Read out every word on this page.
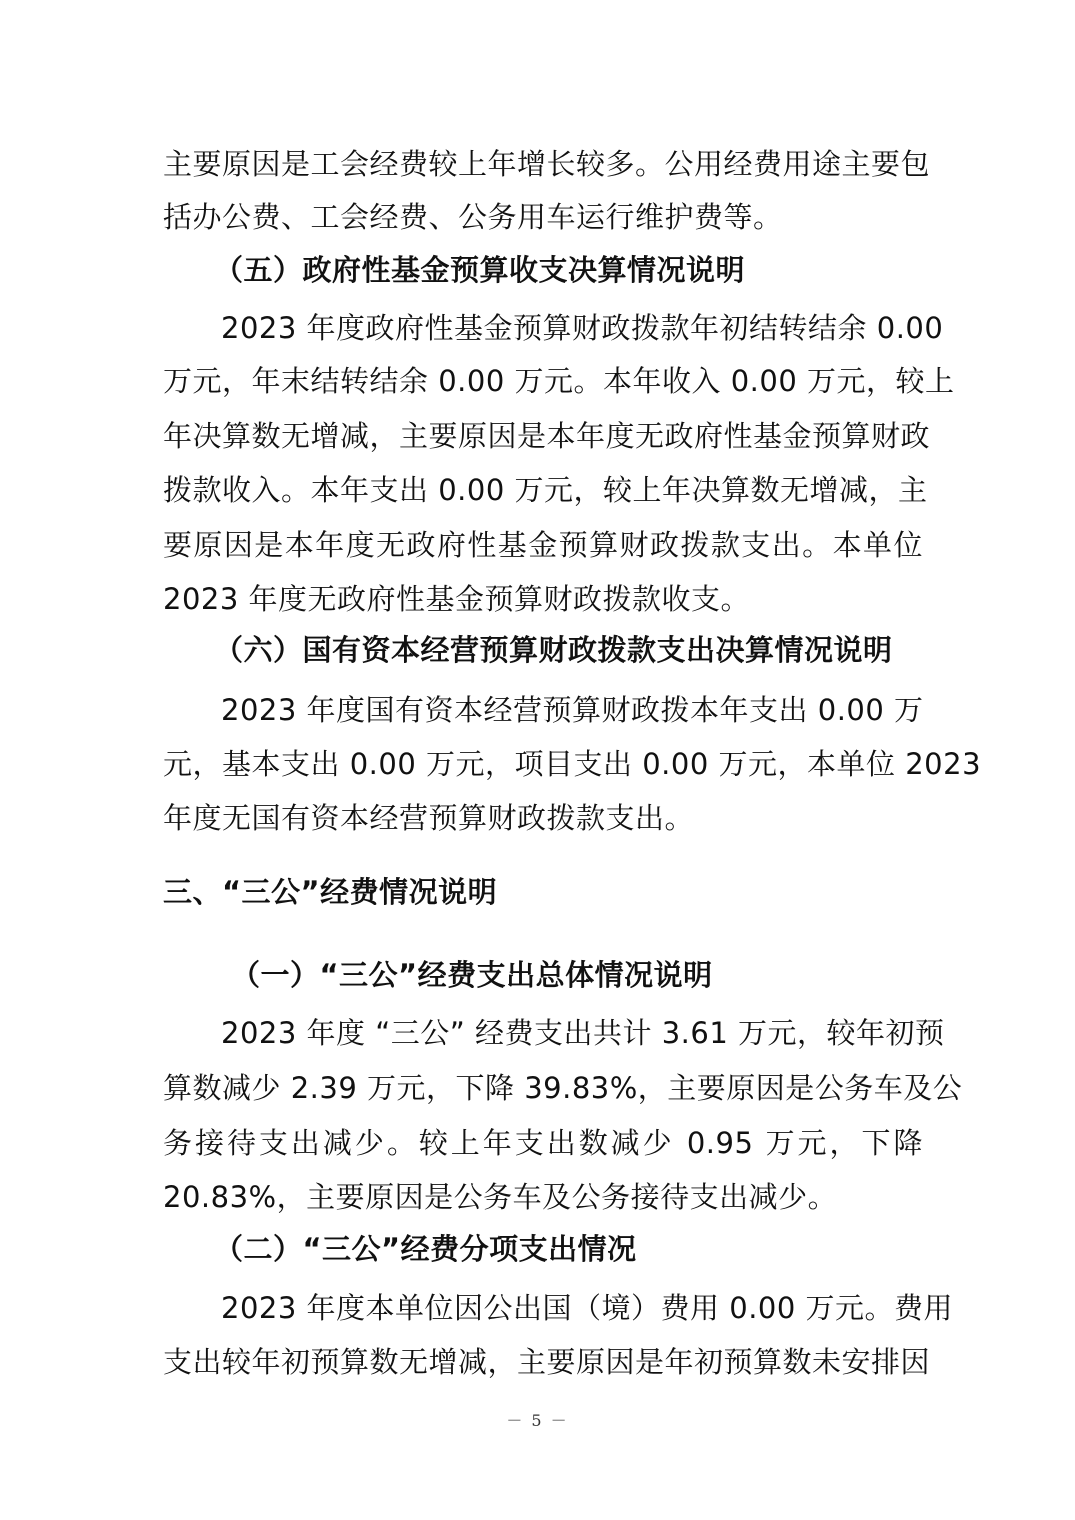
主要原因是工会经费较上年增长较多。公用经费用途主要包
括办公费、工会经费、公务用车运行维护费等。
（五）政府性基金预算收支决算情况说明
2023 年度政府性基金预算财政拨款年初结转结余 0.00
万元，年末结转结余 0.00 万元。本年收入 0.00 万元，较上
年决算数无增减，主要原因是本年度无政府性基金预算财政
拨款收入。本年支出 0.00 万元，较上年决算数无增减，主
要原因是本年度无政府性基金预算财政拨款支出。本单位
2023 年度无政府性基金预算财政拨款收支。
（六）国有资本经营预算财政拨款支出决算情况说明
2023 年度国有资本经营预算财政拨本年支出 0.00 万
元，基本支出 0.00 万元，项目支出 0.00 万元，本单位 2023
年度无国有资本经营预算财政拨款支出。
三、“三公”经费情况说明
（一）“三公”经费支出总体情况说明
2023 年度 “三公” 经费支出共计 3.61 万元，较年初预
算数减少 2.39 万元，下降 39.83%，主要原因是公务车及公
务接待支出减少。较上年支出数减少 0.95 万元，下降
20.83%，主要原因是公务车及公务接待支出减少。
（二）“三公”经费分项支出情况
2023 年度本单位因公出国（境）费用 0.00 万元。费用
支出较年初预算数无增减，主要原因是年初预算数未安排因
－ 5 －
